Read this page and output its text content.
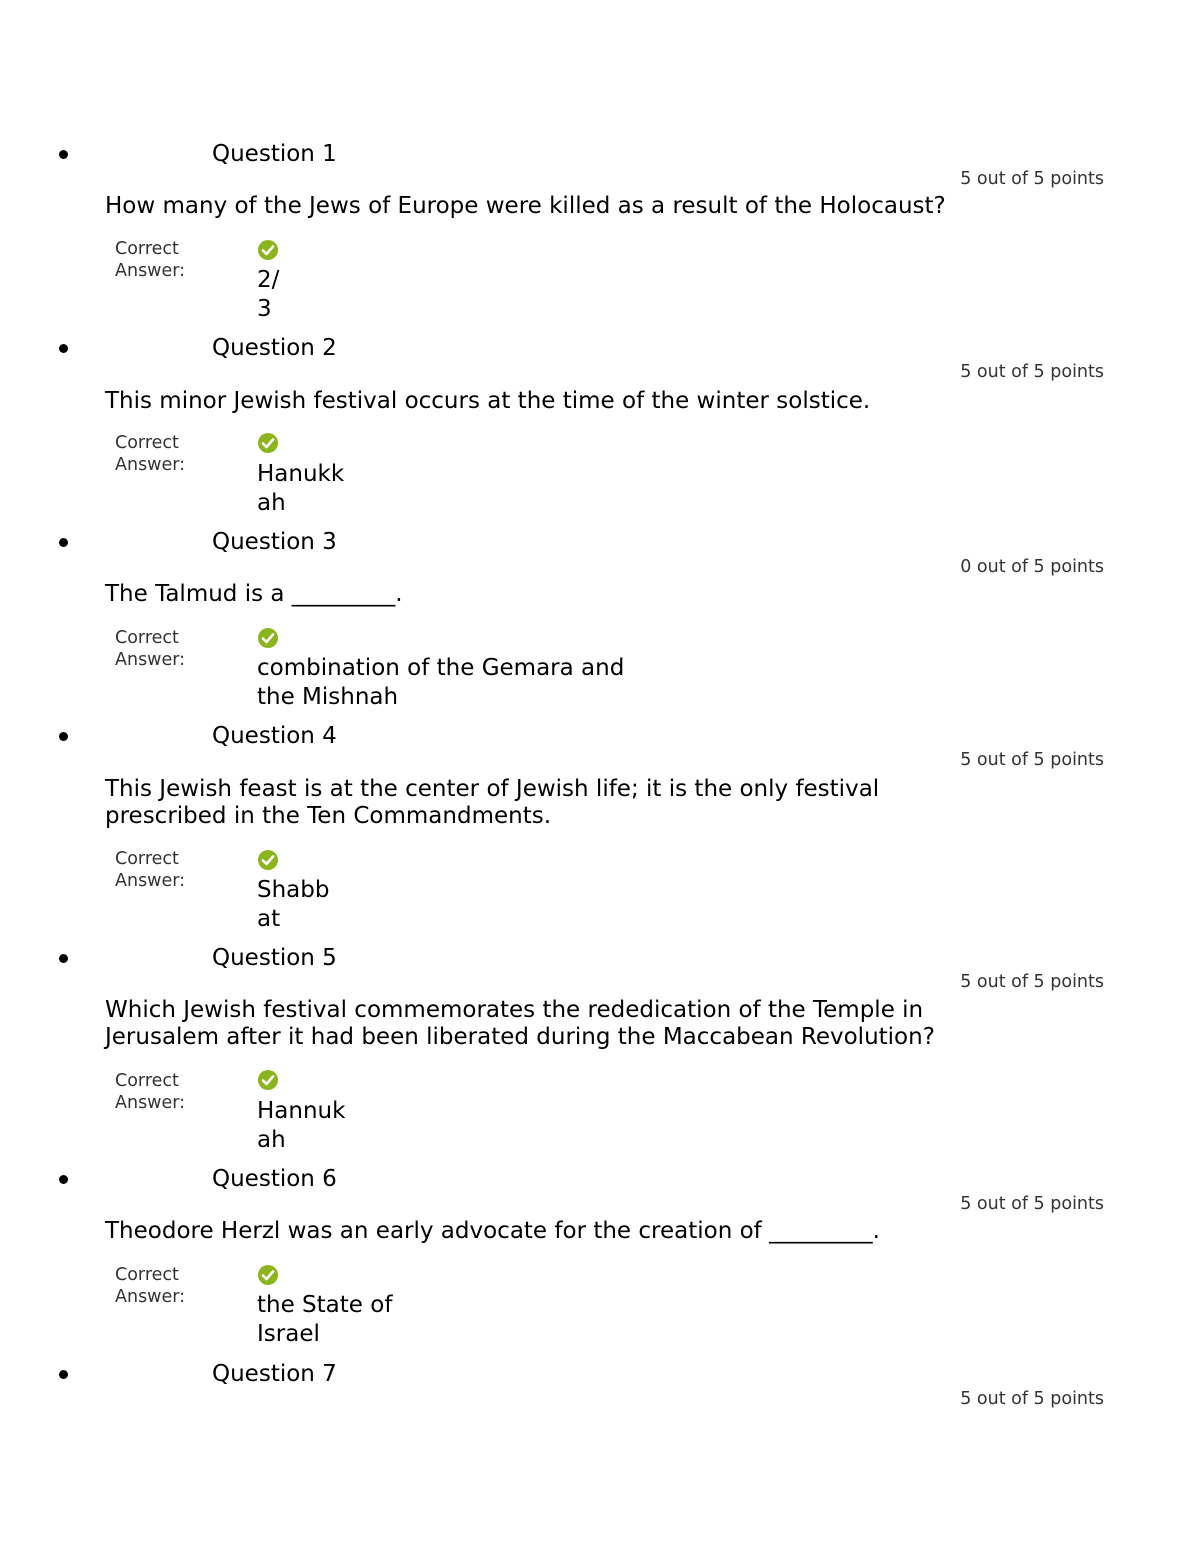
Question 1
5 out of 5 points
How many of the Jews of Europe were killed as a result of the Holocaust?
Correct
Answer:	2/
3
Question 2
5 out of 5 points
This minor Jewish festival occurs at the time of the winter solstice.
Correct
Answer:	Hanukk
ah
Question 3
0 out of 5 points
The Talmud is a _________.
Correct
Answer:	combination of the Gemara and
the Mishnah
Question 4
5 out of 5 points
This Jewish feast is at the center of Jewish life; it is the only festival prescribed in the Ten Commandments.
Correct
Answer:	Shabb
at
Question 5
5 out of 5 points
Which Jewish festival commemorates the rededication of the Temple in Jerusalem after it had been liberated during the Maccabean Revolution?
Correct
Answer:	Hannuk
ah
Question 6
5 out of 5 points
Theodore Herzl was an early advocate for the creation of _________.
Correct
Answer:	the State of
Israel
Question 7
5 out of 5 points
